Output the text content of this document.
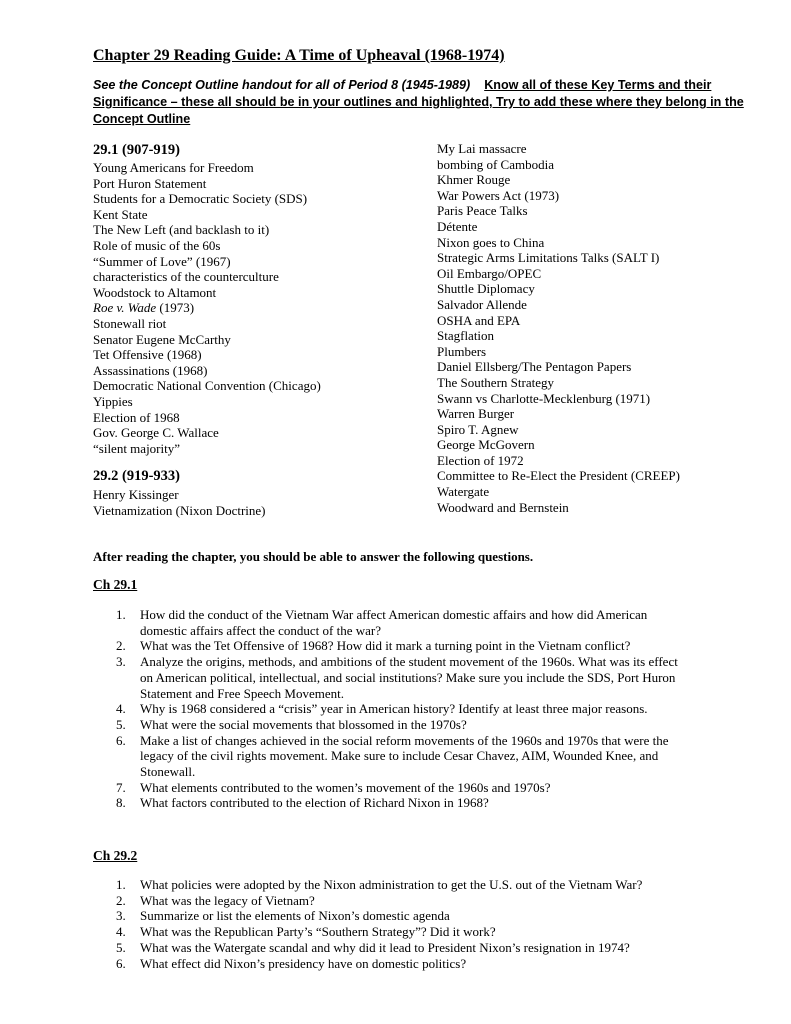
Chapter 29 Reading Guide: A Time of Upheaval (1968-1974)
See the Concept Outline handout for all of Period 8 (1945-1989) Know all of these Key Terms and their Significance – these all should be in your outlines and highlighted, Try to add these where they belong in the Concept Outline
29.1 (907-919)
Young Americans for Freedom
Port Huron Statement
Students for a Democratic Society (SDS)
Kent State
The New Left (and backlash to it)
Role of music of the 60s
“Summer of Love” (1967)
characteristics of the counterculture
Woodstock to Altamont
Roe v. Wade (1973)
Stonewall riot
Senator Eugene McCarthy
Tet Offensive (1968)
Assassinations (1968)
Democratic National Convention (Chicago)
Yippies
Election of 1968
Gov. George C. Wallace
“silent majority”
29.2 (919-933)
Henry Kissinger
Vietnamization (Nixon Doctrine)
My Lai massacre
bombing of Cambodia
Khmer Rouge
War Powers Act (1973)
Paris Peace Talks
Détente
Nixon goes to China
Strategic Arms Limitations Talks (SALT I)
Oil Embargo/OPEC
Shuttle Diplomacy
Salvador Allende
OSHA and EPA
Stagflation
Plumbers
Daniel Ellsberg/The Pentagon Papers
The Southern Strategy
Swann vs Charlotte-Mecklenburg (1971)
Warren Burger
Spiro T. Agnew
George McGovern
Election of 1972
Committee to Re-Elect the President (CREEP)
Watergate
Woodward and Bernstein
After reading the chapter, you should be able to answer the following questions.
Ch 29.1
1. How did the conduct of the Vietnam War affect American domestic affairs and how did American domestic affairs affect the conduct of the war?
2. What was the Tet Offensive of 1968? How did it mark a turning point in the Vietnam conflict?
3. Analyze the origins, methods, and ambitions of the student movement of the 1960s. What was its effect on American political, intellectual, and social institutions? Make sure you include the SDS, Port Huron Statement and Free Speech Movement.
4. Why is 1968 considered a “crisis” year in American history? Identify at least three major reasons.
5. What were the social movements that blossomed in the 1970s?
6. Make a list of changes achieved in the social reform movements of the 1960s and 1970s that were the legacy of the civil rights movement. Make sure to include Cesar Chavez, AIM, Wounded Knee, and Stonewall.
7. What elements contributed to the women’s movement of the 1960s and 1970s?
8. What factors contributed to the election of Richard Nixon in 1968?
Ch 29.2
1. What policies were adopted by the Nixon administration to get the U.S. out of the Vietnam War?
2. What was the legacy of Vietnam?
3. Summarize or list the elements of Nixon’s domestic agenda
4. What was the Republican Party’s “Southern Strategy”? Did it work?
5. What was the Watergate scandal and why did it lead to President Nixon’s resignation in 1974?
6. What effect did Nixon’s presidency have on domestic politics?
